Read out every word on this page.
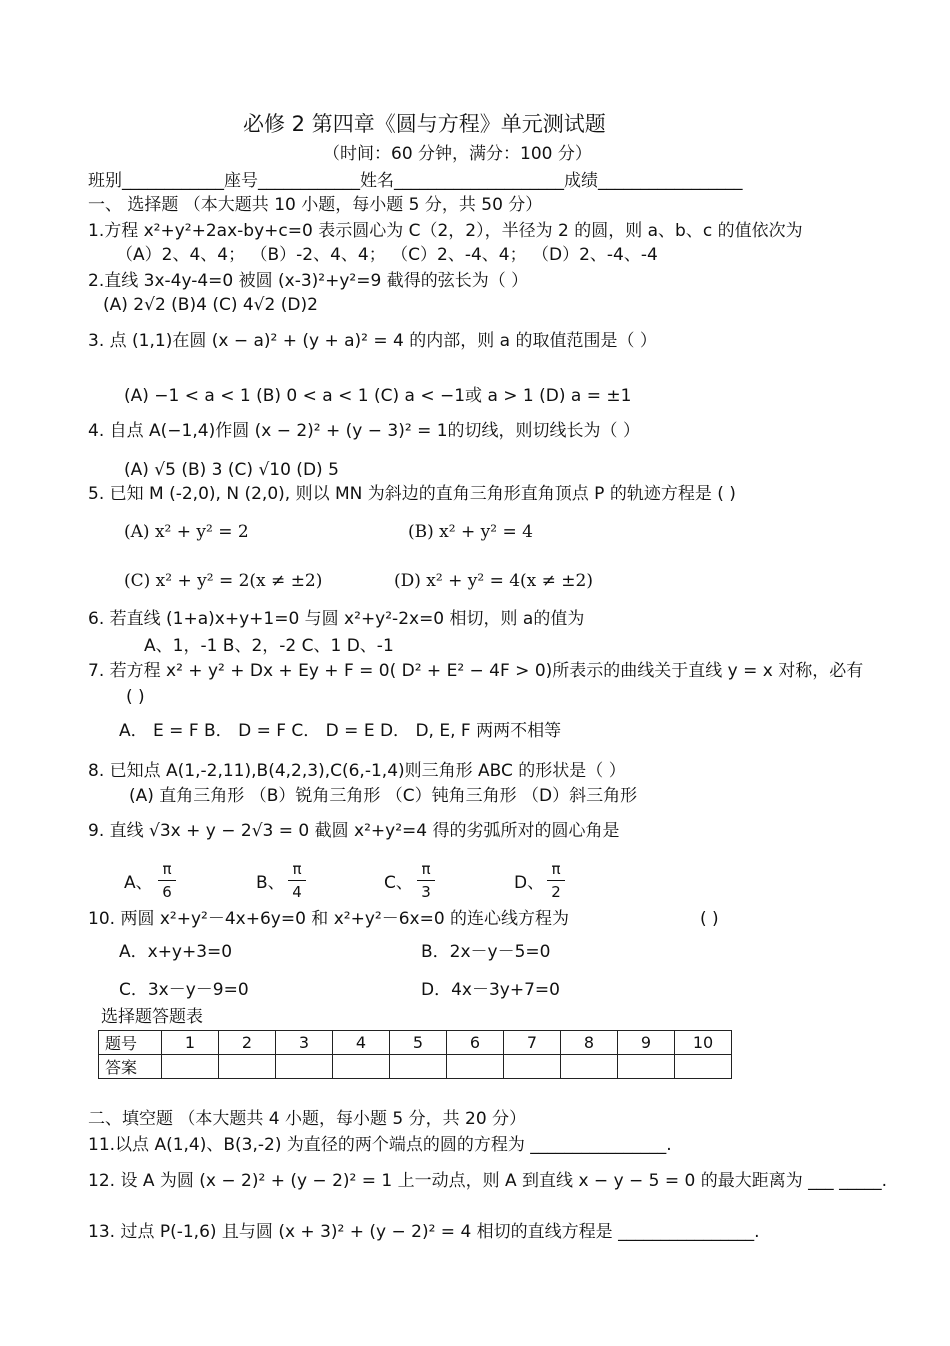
必修 2 第四章《圆与方程》单元测试题
（时间：60 分钟，满分：100 分）
班别____________座号____________姓名____________________成绩_________________
一、 选择题 （本大题共 10 小题，每小题 5 分，共 50 分）
1.方程 x²+y²+2ax-by+c=0 表示圆心为 C（2，2），半径为 2 的圆，则 a、b、c 的值依次为
（A）2、4、4； （B）-2、4、4； （C）2、-4、4； （D）2、-4、-4
2.直线 3x-4y-4=0 被圆 (x-3)²+y²=9 截得的弦长为（ ）
(A) 2√2 (B)4 (C) 4√2 (D)2
3. 点 (1,1)在圆 (x − a)² + (y + a)² = 4 的内部，则 a 的取值范围是（ ）
(A) −1 < a < 1 (B) 0 < a < 1 (C) a < −1或 a > 1 (D) a = ±1
4. 自点 A(−1,4)作圆 (x − 2)² + (y − 3)² = 1的切线，则切线长为（ ）
(A) √5 (B) 3 (C) √10 (D) 5
5. 已知 M (-2,0), N (2,0), 则以 MN 为斜边的直角三角形直角顶点 P 的轨迹方程是 ( )
(A) x² + y² = 2	(B) x² + y² = 4
(C) x² + y² = 2(x ≠ ±2)	(D) x² + y² = 4(x ≠ ±2)
6. 若直线 (1+a)x+y+1=0 与圆 x²+y²-2x=0 相切，则 a的值为
A、1，-1 B、2，-2 C、1 D、-1
7. 若方程 x² + y² + Dx + Ey + F = 0( D² + E² − 4F > 0)所表示的曲线关于直线 y = x 对称，必有
( )
A． E = F B． D = F C． D = E D． D, E, F 两两不相等
8. 已知点 A(1,-2,11),B(4,2,3),C(6,-1,4)则三角形 ABC 的形状是（ ）
(A) 直角三角形 （B）锐角三角形 （C）钝角三角形 （D）斜三角形
9. 直线 √3x + y − 2√3 = 0 截圆 x²+y²=4 得的劣弧所对的圆心角是
A、
π
6	B、
π
4	C、
π
3	D、
π
2
10. 两圆 x²+y²－4x+6y=0 和 x²+y²－6x=0 的连心线方程为	( )
A．x+y+3=0	B．2x－y－5=0
C．3x－y－9=0	D．4x－3y+7=0
选择题答题表
题号	1	2	3	4	5	6	7	8	9	10
答案										
二、填空题 （本大题共 4 小题，每小题 5 分，共 20 分）
11.以点 A(1,4)、B(3,-2) 为直径的两个端点的圆的方程为 ________________.
12. 设 A 为圆 (x − 2)² + (y − 2)² = 1 上一动点，则 A 到直线 x − y − 5 = 0 的最大距离为 ___ _____.
13. 过点 P(-1,6) 且与圆 (x + 3)² + (y − 2)² = 4 相切的直线方程是 ________________.
